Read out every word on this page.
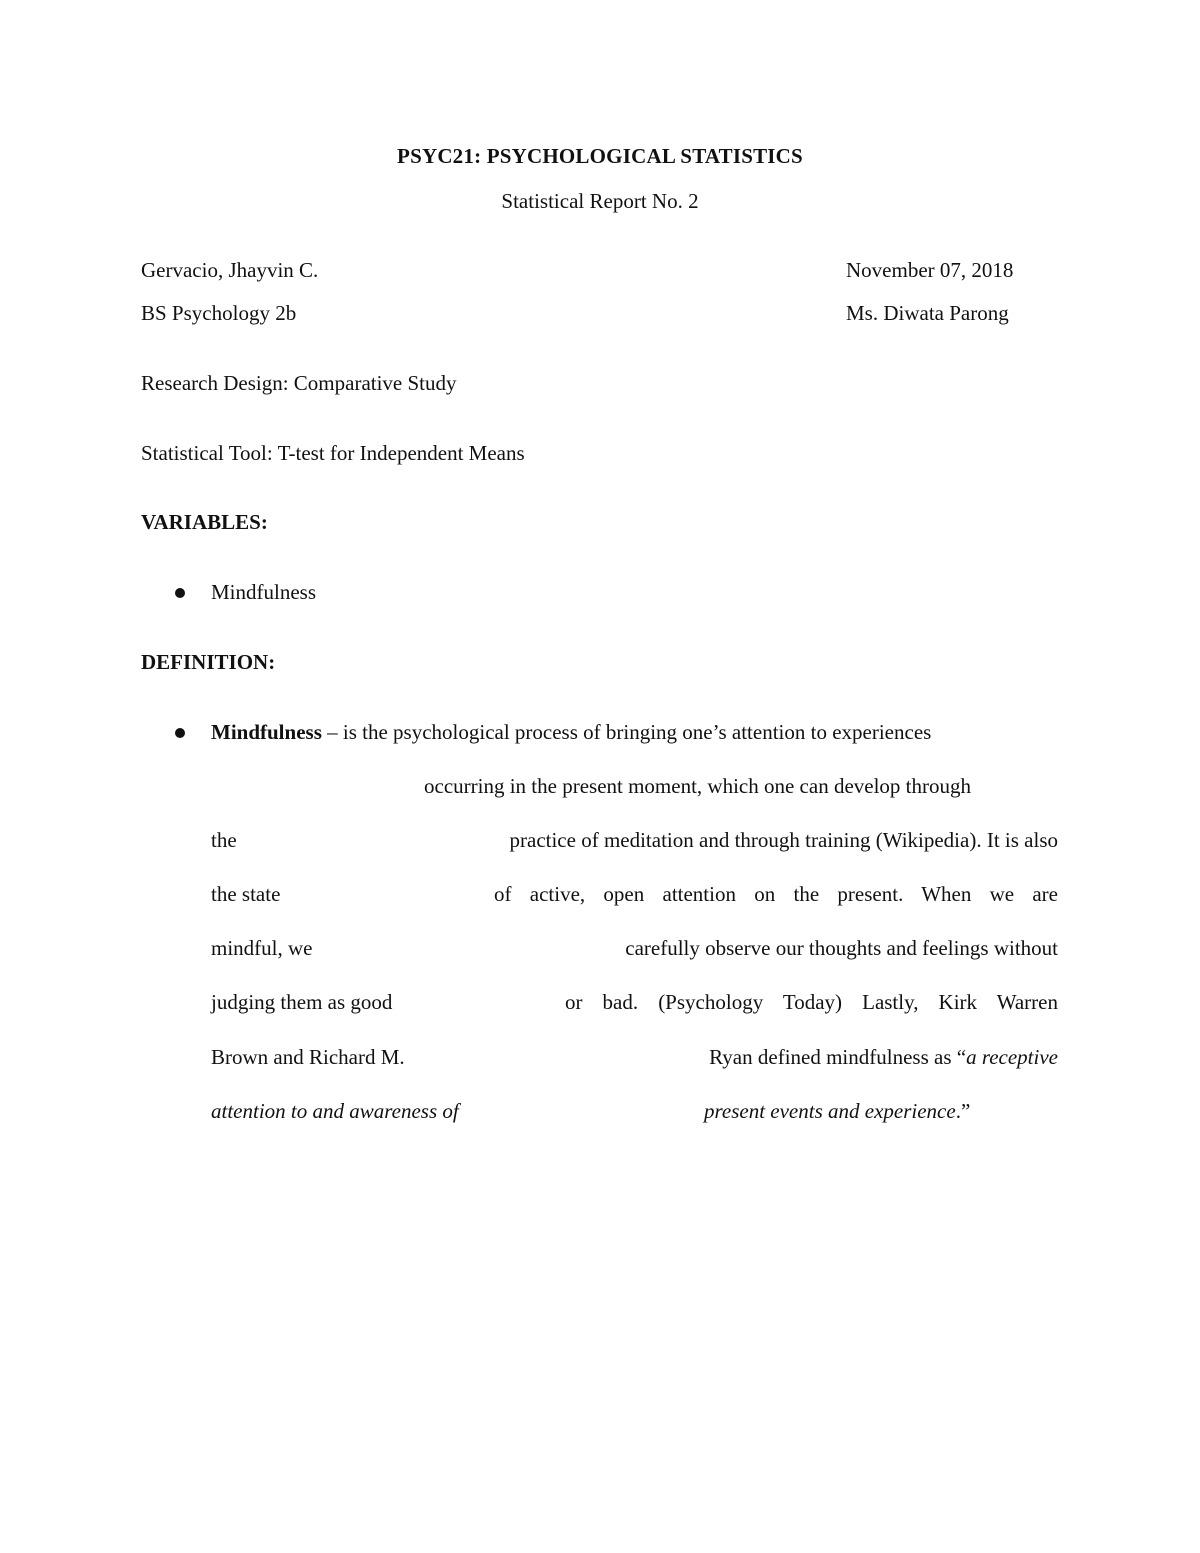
PSYC21: PSYCHOLOGICAL STATISTICS
Statistical Report No. 2
Gervacio, Jhayvin C.
BS Psychology 2b
November 07, 2018
Ms. Diwata Parong
Research Design: Comparative Study
Statistical Tool: T-test for Independent Means
VARIABLES:
Mindfulness
DEFINITION:
Mindfulness – is the psychological process of bringing one’s attention to experiences
occurring in the present moment, which one can develop through
the	practice of meditation and through training (Wikipedia). It is also
the state	of active, open attention on the present. When we are
mindful, we	carefully observe our thoughts and feelings without
judging them as good	or bad. (Psychology Today) Lastly, Kirk Warren
Brown and Richard M.	Ryan defined mindfulness as “a receptive
attention to and awareness of	present events and experience.”
